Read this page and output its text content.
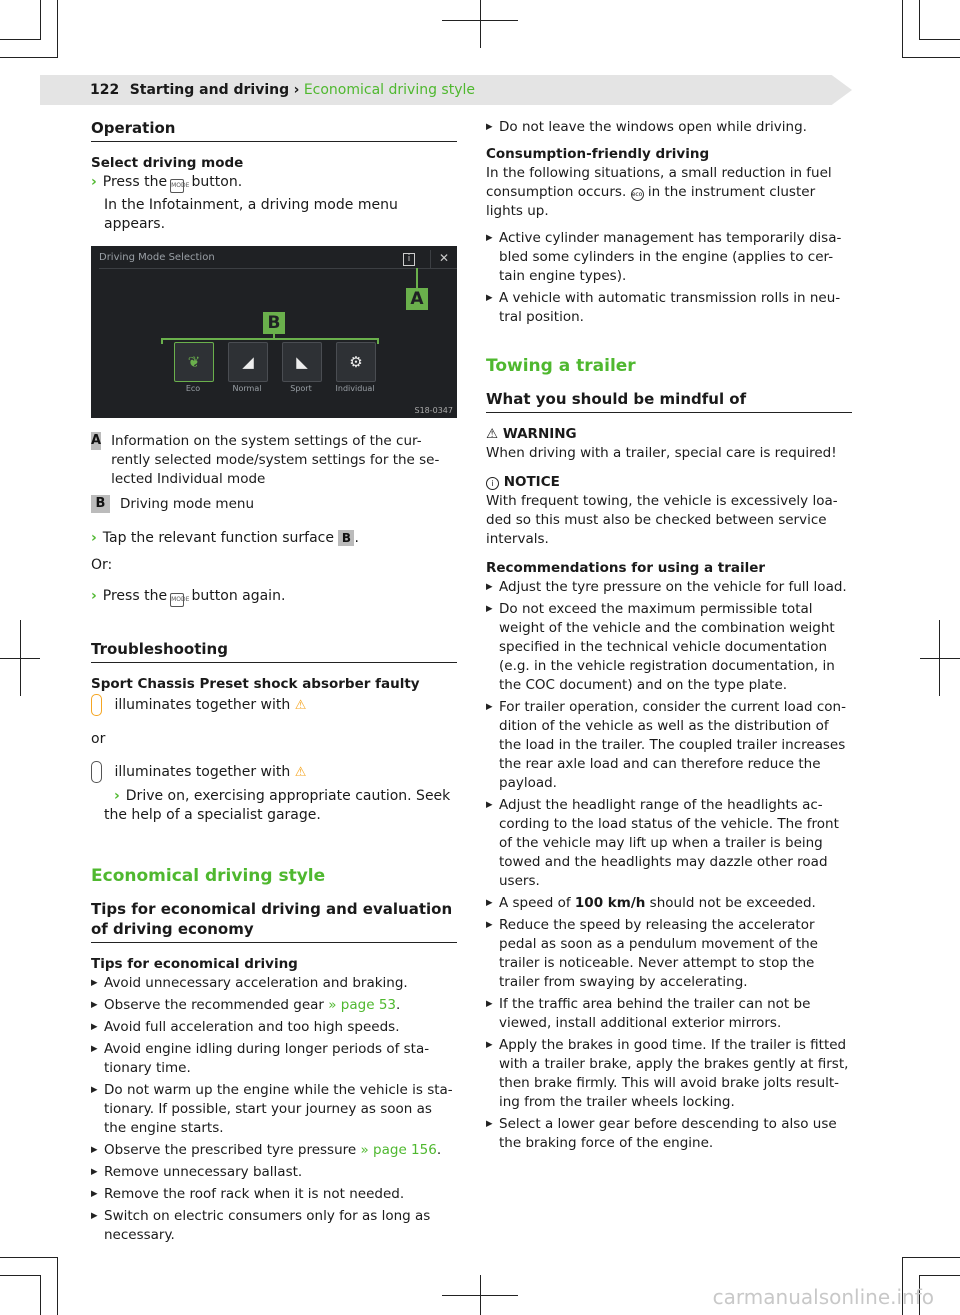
122 Starting and driving › Economical driving style
Operation

Select driving mode

› Press the MODE button.

In the Infotainment, a driving mode menu appears.

Driving Mode Selection	i	✕
A
B
❦	◢	◣	⚙
Eco	Normal	Sport	Individual
S18-0347
A Information on the system settings of the cur-rently selected mode/system settings for the se-lected Individual mode
B	Driving mode menu

› Tap the relevant function surface B .

Or:

› Press the MODE button again.

Troubleshooting

Sport Chassis Preset shock absorber faulty

illuminates together with ⚠

or

illuminates together with ⚠

› Drive on, exercising appropriate caution. Seek the help of a specialist garage.

Economical driving style
Tips for economical driving and evaluation of driving economy

Tips for economical driving

▶ Avoid unnecessary acceleration and braking.
▶ Observe the recommended gear » page 53.
▶ Avoid full acceleration and too high speeds.
▶ Avoid engine idling during longer periods of sta-tionary time.
▶ Do not warm up the engine while the vehicle is sta-tionary. If possible, start your journey as soon as the engine starts.
▶ Observe the prescribed tyre pressure » page 156.
▶ Remove unnecessary ballast.
▶ Remove the roof rack when it is not needed.
▶ Switch on electric consumers only for as long as necessary.
▶ Do not leave the windows open while driving.

Consumption-friendly driving

In the following situations, a small reduction in fuel consumption occurs. eco in the instrument cluster lights up.

▶ Active cylinder management has temporarily disa-bled some cylinders in the engine (applies to cer-tain engine types).
▶ A vehicle with automatic transmission rolls in neu-tral position.
Towing a trailer
What you should be mindful of

⚠ WARNING

When driving with a trailer, special care is required!

i NOTICE

With frequent towing, the vehicle is excessively loa-ded so this must also be checked between service intervals.

Recommendations for using a trailer

▶ Adjust the tyre pressure on the vehicle for full load.
▶ Do not exceed the maximum permissible total weight of the vehicle and the combination weight specified in the technical vehicle documentation (e.g. in the vehicle registration documentation, in the COC document) and on the type plate.
▶ For trailer operation, consider the current load con-dition of the vehicle as well as the distribution of the load in the trailer. The coupled trailer increases the rear axle load and can therefore reduce the payload.
▶ Adjust the headlight range of the headlights ac-cording to the load status of the vehicle. The front of the vehicle may lift up when a trailer is being towed and the headlights may dazzle other road users.
▶ A speed of 100 km/h should not be exceeded.
▶ Reduce the speed by releasing the accelerator pedal as soon as a pendulum movement of the trailer is noticeable. Never attempt to stop the trailer from swaying by accelerating.
▶ If the traffic area behind the trailer can not be viewed, install additional exterior mirrors.
▶ Apply the brakes in good time. If the trailer is fitted with a trailer brake, apply the brakes gently at first, then brake firmly. This will avoid brake jolts result-ing from the trailer wheels locking.
▶ Select a lower gear before descending to also use the braking force of the engine.
carmanualsonline.info
